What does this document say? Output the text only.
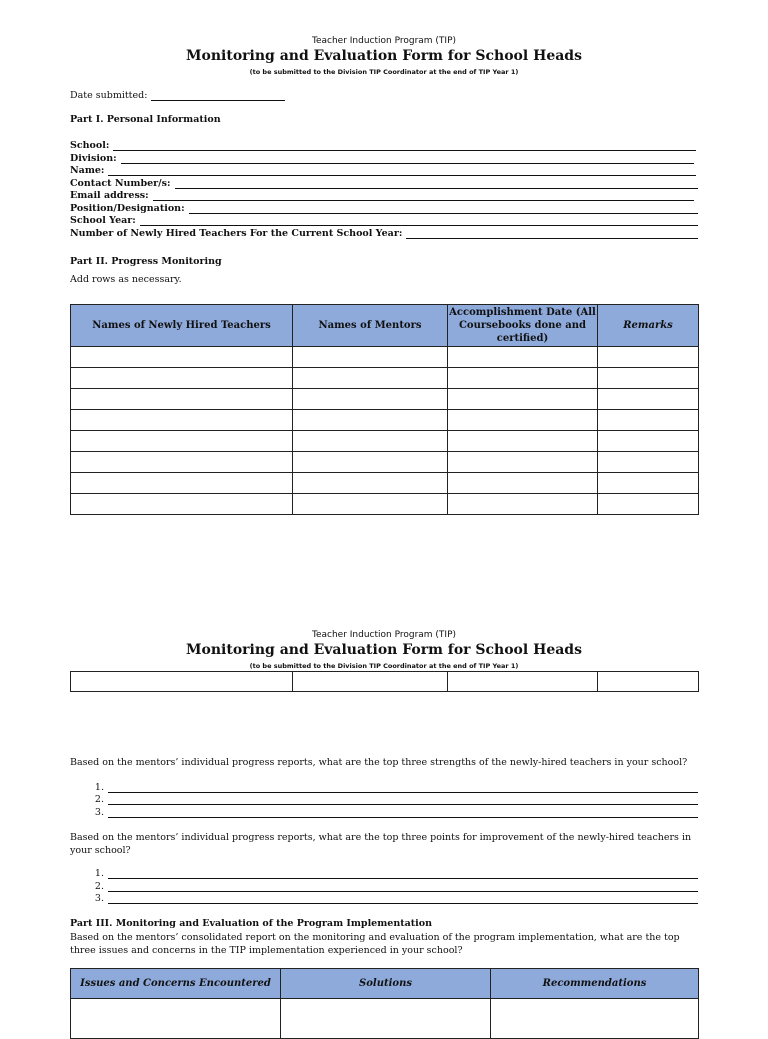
Teacher Induction Program (TIP)
Monitoring and Evaluation Form for School Heads
(to be submitted to the Division TIP Coordinator at the end of TIP Year 1)
Date submitted:
Part I. Personal Information
School:
Division:
Name:
Contact Number/s:
Email address:
Position/Designation:
School Year:
Number of Newly Hired Teachers For the Current School Year:
Part II. Progress Monitoring
Add rows as necessary.
Names of Newly Hired Teachers	Names of Mentors	Accomplishment Date (All Coursebooks done and certified)	Remarks

Teacher Induction Program (TIP)
Monitoring and Evaluation Form for School Heads
(to be submitted to the Division TIP Coordinator at the end of TIP Year 1)

Based on the mentors’ individual progress reports, what are the top three strengths of the newly-hired teachers in your school?
1.
2.
3.
Based on the mentors’ individual progress reports, what are the top three points for improvement of the newly-hired teachers in your school?
1.
2.
3.
Part III. Monitoring and Evaluation of the Program Implementation
Based on the mentors’ consolidated report on the monitoring and evaluation of the program implementation, what are the top three issues and concerns in the TIP implementation experienced in your school?
Issues and Concerns Encountered	Solutions	Recommendations
